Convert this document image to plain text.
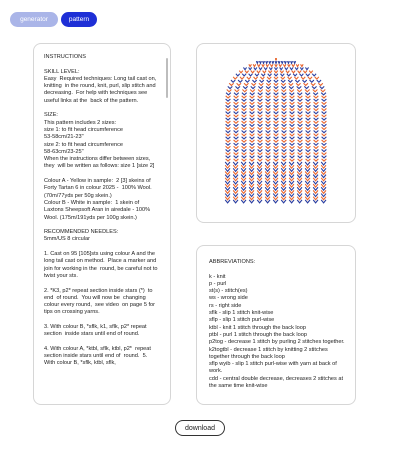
generator	pattern
INSTRUCTIONS

SKILL LEVEL:
Easy  Required techniques: Long tail cast on, knitting  in the round, knit, purl, slip stitch and decreasing.  For help with techniques see useful links at the  back of the pattern.

SIZE:
This pattern includes 2 sizes:
size 1: to fit head circumference
53-58cm/21-23"
size 2: to fit head circumference
58-63cm/23-25"
When the instructions differ between sizes, they  will be written as follows: size 1 [size 2]

Colour A - Yellow in sample:  2 [3] skeins of Forty Tartan 6 in colour 2025 -  100% Wool. (70m/77yds per 50g skein.)
Colour B - White in sample:  1 skein of Laxtons Sheepsoft Aran in airedale - 100% Wool. (175m/191yds per 100g skein.)

RECOMMENDED NEEDLES:
5mm/US 8 circular

1. Cast on 95 [105]sts using colour A and the  long tail cast on method.  Place a marker and join for working in the  round, be careful not to twist your sts.

2. *K3, p2* repeat section inside stars (*)  to end  of round.  You will now be  changing colour every round,  see video  on page 5 for tips on crossing yarns.

3. With colour B, *sflk, k1, sflk, p2* repeat  section  inside stars until end of round.

4. With colour A, *ktbl, sflk, ktbl, p2*  repeat  section inside stars until end of  round.  5. With colour B, *sflk, ktbl, sflk,
ABBREVIATIONS:

k - knit
p - purl
st(s) - stitch(es)
ws - wrong side
rs - right side
sflk - slip 1 stitch knit-wise
sflp - slip 1 stitch purl-wise
ktbl - knit 1 stitch through the back loop
ptbl - purl 1 stitch through the back loop
p2tog - decrease 1 stitch by purling 2 stitches together.
k2togtbl - decrease 1 stitch by knitting 2 stitches together through the back loop
sflp wyib - slip 1 stitch purl-wise with yarn at back of work.
cdd - central double decrease, decreases 2 stitches at the same time knit-wise
download
